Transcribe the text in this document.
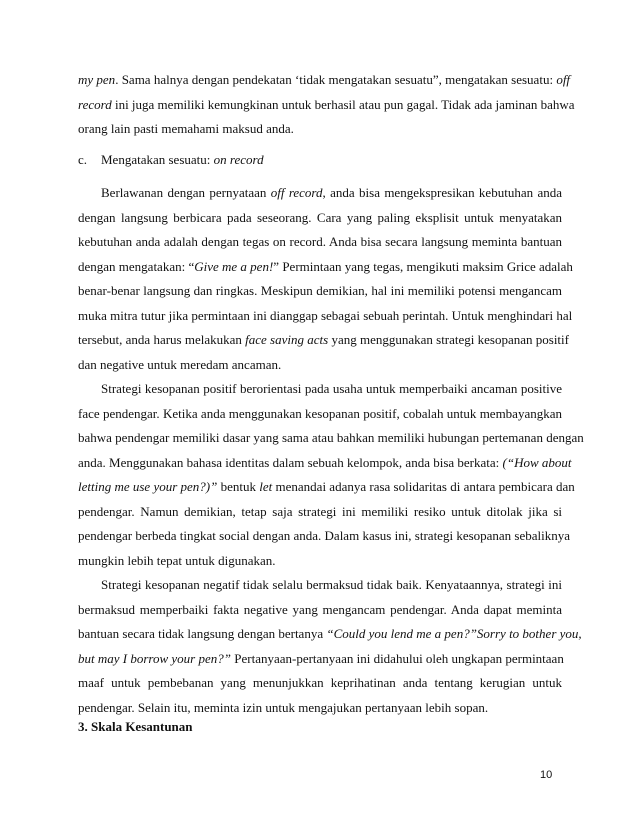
my pen. Sama halnya dengan pendekatan ‘tidak mengatakan sesuatu”, mengatakan sesuatu: off
record ini juga memiliki kemungkinan untuk berhasil atau pun gagal. Tidak ada jaminan bahwa
orang lain pasti memahami maksud anda.
c. Mengatakan sesuatu: on record
Berlawanan dengan pernyataan off record, anda bisa mengekspresikan kebutuhan anda
dengan langsung berbicara pada seseorang. Cara yang paling eksplisit untuk menyatakan
kebutuhan anda adalah dengan tegas on record. Anda bisa secara langsung meminta bantuan
dengan mengatakan: “Give me a pen!” Permintaan yang tegas, mengikuti maksim Grice adalah
benar-benar langsung dan ringkas. Meskipun demikian, hal ini memiliki potensi mengancam
muka mitra tutur jika permintaan ini dianggap sebagai sebuah perintah. Untuk menghindari hal
tersebut, anda harus melakukan face saving acts yang menggunakan strategi kesopanan positif
dan negative untuk meredam ancaman.
Strategi kesopanan positif berorientasi pada usaha untuk memperbaiki ancaman positive
face pendengar. Ketika anda menggunakan kesopanan positif, cobalah untuk membayangkan
bahwa pendengar memiliki dasar yang sama atau bahkan memiliki hubungan pertemanan dengan
anda. Menggunakan bahasa identitas dalam sebuah kelompok, anda bisa berkata: (“How about
letting me use your pen?)” bentuk let menandai adanya rasa solidaritas di antara pembicara dan
pendengar. Namun demikian, tetap saja strategi ini memiliki resiko untuk ditolak jika si
pendengar berbeda tingkat social dengan anda. Dalam kasus ini, strategi kesopanan sebaliknya
mungkin lebih tepat untuk digunakan.
Strategi kesopanan negatif tidak selalu bermaksud tidak baik. Kenyataannya, strategi ini
bermaksud memperbaiki fakta negative yang mengancam pendengar. Anda dapat meminta
bantuan secara tidak langsung dengan bertanya “Could you lend me a pen?”Sorry to bother you,
but may I borrow your pen?” Pertanyaan-pertanyaan ini didahului oleh ungkapan permintaan
maaf untuk pembebanan yang menunjukkan keprihatinan anda tentang kerugian untuk
pendengar. Selain itu, meminta izin untuk mengajukan pertanyaan lebih sopan.
3. Skala Kesantunan
10
